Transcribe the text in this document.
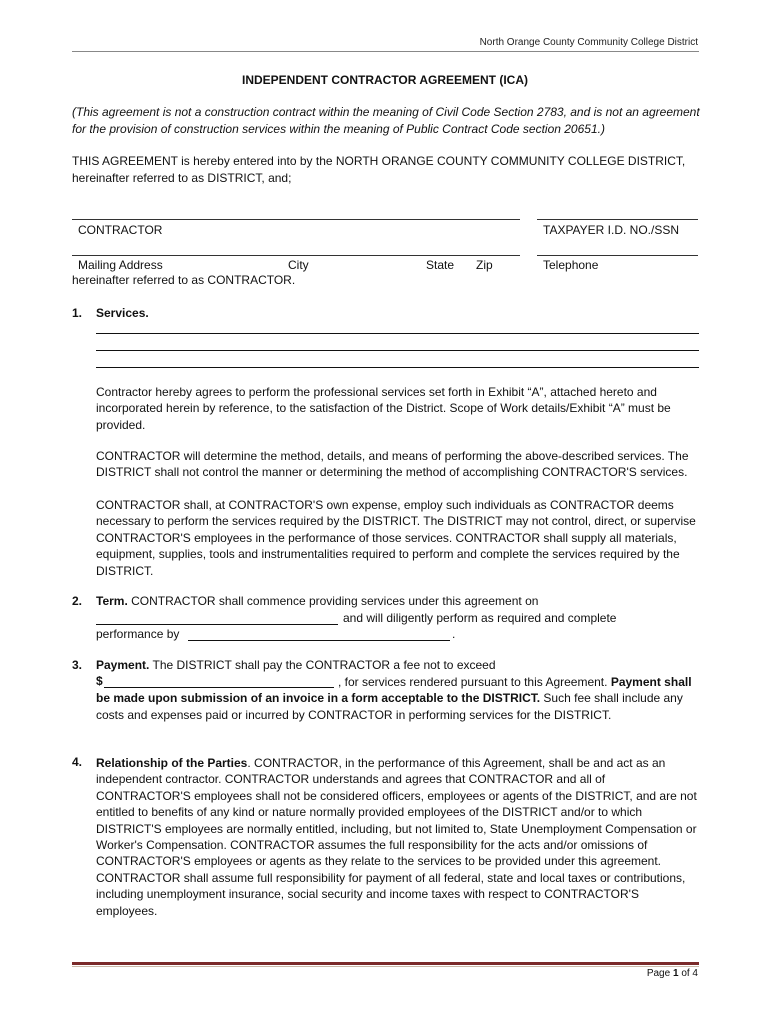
North Orange County Community College District
INDEPENDENT CONTRACTOR AGREEMENT (ICA)
(This agreement is not a construction contract within the meaning of Civil Code Section 2783, and is not an agreement for the provision of construction services within the meaning of Public Contract Code section 20651.)
THIS AGREEMENT is hereby entered into by the NORTH ORANGE COUNTY COMMUNITY COLLEGE DISTRICT, hereinafter referred to as DISTRICT, and;
CONTRACTOR	TAXPAYER I.D. NO./SSN
Mailing Address	City	State Zip	Telephone
hereinafter referred to as CONTRACTOR.
1. Services.
Contractor hereby agrees to perform the professional services set forth in Exhibit “A”, attached hereto and incorporated herein by reference, to the satisfaction of the District. Scope of Work details/Exhibit “A” must be provided.
CONTRACTOR will determine the method, details, and means of performing the above-described services. The DISTRICT shall not control the manner or determining the method of accomplishing CONTRACTOR'S services.
CONTRACTOR shall, at CONTRACTOR'S own expense, employ such individuals as CONTRACTOR deems necessary to perform the services required by the DISTRICT. The DISTRICT may not control, direct, or supervise CONTRACTOR'S employees in the performance of those services. CONTRACTOR shall supply all materials, equipment, supplies, tools and instrumentalities required to perform and complete the services required by the DISTRICT.
2. Term. CONTRACTOR shall commence providing services under this agreement on
and will diligently perform as required and complete
performance by	.
3. Payment. The DISTRICT shall pay the CONTRACTOR a fee not to exceed
$	, for services rendered pursuant to this Agreement. Payment shall be made upon submission of an invoice in a form acceptable to the DISTRICT. Such fee shall include any costs and expenses paid or incurred by CONTRACTOR in performing services for the DISTRICT.
4. Relationship of the Parties. CONTRACTOR, in the performance of this Agreement, shall be and act as an independent contractor. CONTRACTOR understands and agrees that CONTRACTOR and all of CONTRACTOR'S employees shall not be considered officers, employees or agents of the DISTRICT, and are not entitled to benefits of any kind or nature normally provided employees of the DISTRICT and/or to which DISTRICT'S employees are normally entitled, including, but not limited to, State Unemployment Compensation or Worker's Compensation. CONTRACTOR assumes the full responsibility for the acts and/or omissions of CONTRACTOR'S employees or agents as they relate to the services to be provided under this agreement. CONTRACTOR shall assume full responsibility for payment of all federal, state and local taxes or contributions, including unemployment insurance, social security and income taxes with respect to CONTRACTOR'S employees.
Page 1 of 4
